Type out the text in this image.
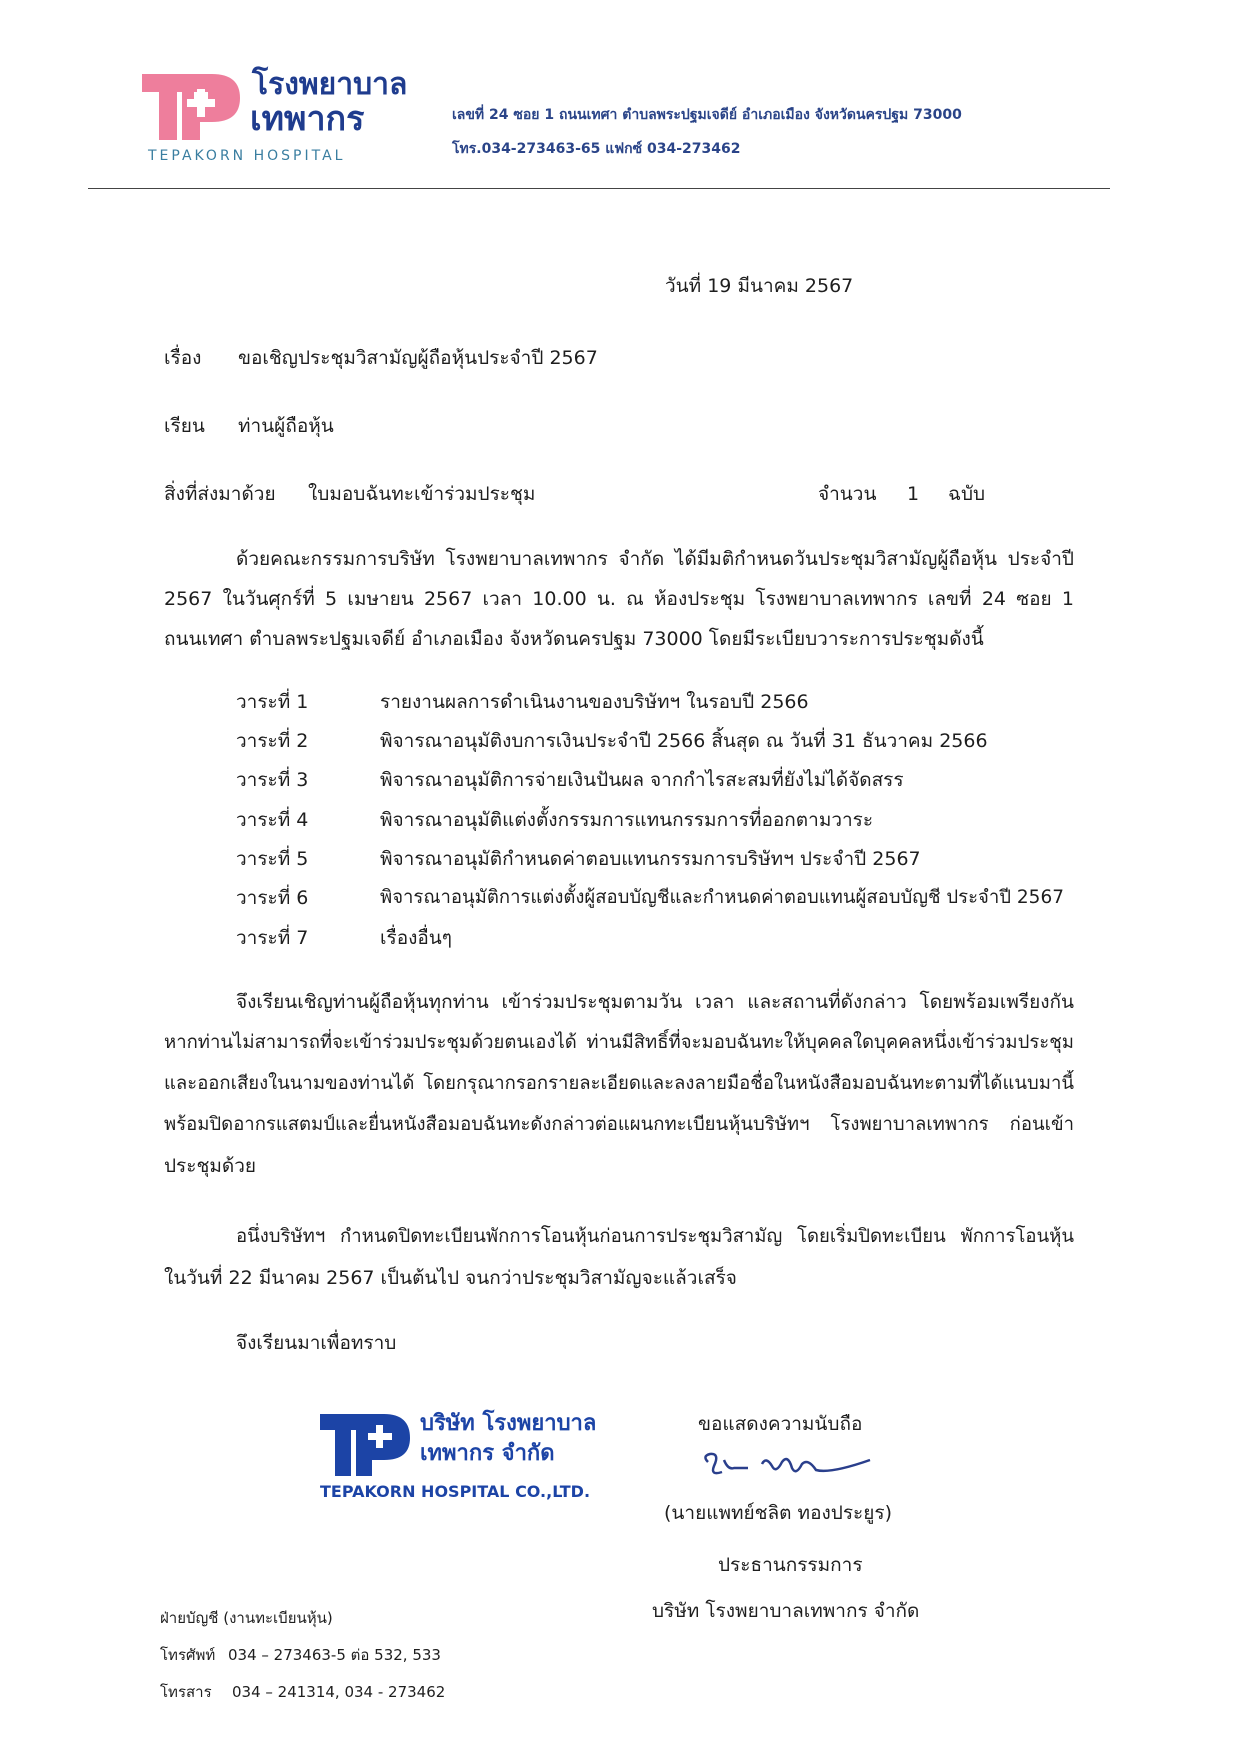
โรงพยาบาล
เทพากร
TEPAKORN HOSPITAL
เลขที่ 24 ซอย 1 ถนนเทศา ตำบลพระปฐมเจดีย์ อำเภอเมือง จังหวัดนครปฐม 73000
โทร.034-273463-65 แฟกซ์ 034-273462
วันที่ 19 มีนาคม 2567
เรื่อง ขอเชิญประชุมวิสามัญผู้ถือหุ้นประจำปี 2567
เรียน ท่านผู้ถือหุ้น
สิ่งที่ส่งมาด้วย ใบมอบฉันทะเข้าร่วมประชุม	จำนวน 1 ฉบับ
ด้วยคณะกรรมการบริษัท โรงพยาบาลเทพากร จำกัด ได้มีมติกำหนดวันประชุมวิสามัญผู้ถือหุ้น ประจำปี
2567 ในวันศุกร์ที่ 5 เมษายน 2567 เวลา 10.00 น. ณ ห้องประชุม โรงพยาบาลเทพากร เลขที่ 24 ซอย 1
ถนนเทศา ตำบลพระปฐมเจดีย์ อำเภอเมือง จังหวัดนครปฐม 73000 โดยมีระเบียบวาระการประชุมดังนี้
วาระที่ 1	รายงานผลการดำเนินงานของบริษัทฯ ในรอบปี 2566
วาระที่ 2	พิจารณาอนุมัติงบการเงินประจำปี 2566 สิ้นสุด ณ วันที่ 31 ธันวาคม 2566
วาระที่ 3	พิจารณาอนุมัติการจ่ายเงินปันผล จากกำไรสะสมที่ยังไม่ได้จัดสรร
วาระที่ 4	พิจารณาอนุมัติแต่งตั้งกรรมการแทนกรรมการที่ออกตามวาระ
วาระที่ 5	พิจารณาอนุมัติกำหนดค่าตอบแทนกรรมการบริษัทฯ ประจำปี 2567
วาระที่ 6	พิจารณาอนุมัติการแต่งตั้งผู้สอบบัญชีและกำหนดค่าตอบแทนผู้สอบบัญชี ประจำปี 2567
วาระที่ 7	เรื่องอื่นๆ
จึงเรียนเชิญท่านผู้ถือหุ้นทุกท่าน เข้าร่วมประชุมตามวัน เวลา และสถานที่ดังกล่าว โดยพร้อมเพรียงกัน
หากท่านไม่สามารถที่จะเข้าร่วมประชุมด้วยตนเองได้ ท่านมีสิทธิ์ที่จะมอบฉันทะให้บุคคลใดบุคคลหนึ่งเข้าร่วมประชุม
และออกเสียงในนามของท่านได้ โดยกรุณากรอกรายละเอียดและลงลายมือชื่อในหนังสือมอบฉันทะตามที่ได้แนบมานี้
พร้อมปิดอากรแสตมป์และยื่นหนังสือมอบฉันทะดังกล่าวต่อแผนกทะเบียนหุ้นบริษัทฯ โรงพยาบาลเทพากร ก่อนเข้า
ประชุมด้วย
อนึ่งบริษัทฯ กำหนดปิดทะเบียนพักการโอนหุ้นก่อนการประชุมวิสามัญ โดยเริ่มปิดทะเบียน พักการโอนหุ้น
ในวันที่ 22 มีนาคม 2567 เป็นต้นไป จนกว่าประชุมวิสามัญจะแล้วเสร็จ
จึงเรียนมาเพื่อทราบ
บริษัท โรงพยาบาล
เทพากร จำกัด
TEPAKORN HOSPITAL CO.,LTD.
ขอแสดงความนับถือ
(นายแพทย์ชลิต ทองประยูร)
ประธานกรรมการ
บริษัท โรงพยาบาลเทพากร จำกัด
ฝ่ายบัญชี (งานทะเบียนหุ้น)
โทรศัพท์ 034 – 273463-5 ต่อ 532, 533
โทรสาร 034 – 241314, 034 - 273462
